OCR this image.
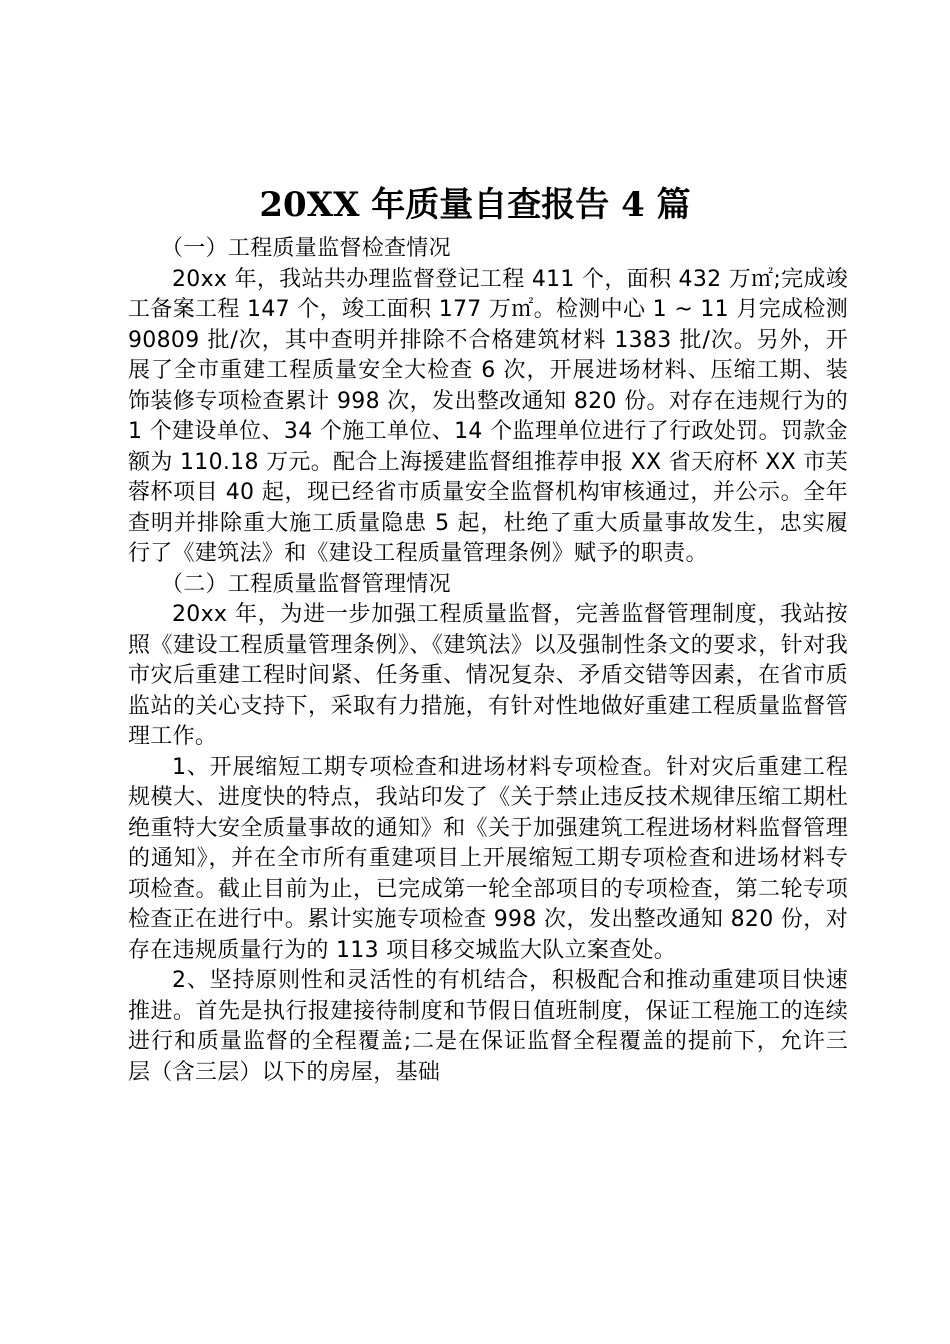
20XX 年质量自查报告 4 篇

（一）工程质量监督检查情况

20xx 年，我站共办理监督登记工程 411 个，面积 432 万㎡;完成竣工备案工程 147 个，竣工面积 177 万㎡。检测中心 1 ~ 11 月完成检测 90809 批/次，其中查明并排除不合格建筑材料 1383 批/次。另外，开展了全市重建工程质量安全大检查 6 次，开展进场材料、压缩工期、装饰装修专项检查累计 998 次，发出整改通知 820 份。对存在违规行为的 1 个建设单位、34 个施工单位、14 个监理单位进行了行政处罚。罚款金额为 110.18 万元。配合上海援建监督组推荐申报 XX 省天府杯 XX 市芙蓉杯项目 40 起，现已经省市质量安全监督机构审核通过，并公示。全年查明并排除重大施工质量隐患 5 起，杜绝了重大质量事故发生，忠实履行了《建筑法》和《建设工程质量管理条例》赋予的职责。

（二）工程质量监督管理情况

20xx 年，为进一步加强工程质量监督，完善监督管理制度，我站按照《建设工程质量管理条例》、《建筑法》以及强制性条文的要求，针对我市灾后重建工程时间紧、任务重、情况复杂、矛盾交错等因素，在省市质监站的关心支持下，采取有力措施，有针对性地做好重建工程质量监督管理工作。

1、开展缩短工期专项检查和进场材料专项检查。针对灾后重建工程规模大、进度快的特点，我站印发了《关于禁止违反技术规律压缩工期杜绝重特大安全质量事故的通知》和《关于加强建筑工程进场材料监督管理的通知》，并在全市所有重建项目上开展缩短工期专项检查和进场材料专项检查。截止目前为止，已完成第一轮全部项目的专项检查，第二轮专项检查正在进行中。累计实施专项检查 998 次，发出整改通知 820 份，对存在违规质量行为的 113 项目移交城监大队立案查处。

2、坚持原则性和灵活性的有机结合，积极配合和推动重建项目快速推进。首先是执行报建接待制度和节假日值班制度，保证工程施工的连续进行和质量监督的全程覆盖;二是在保证监督全程覆盖的提前下，允许三层（含三层）以下的房屋，基础
